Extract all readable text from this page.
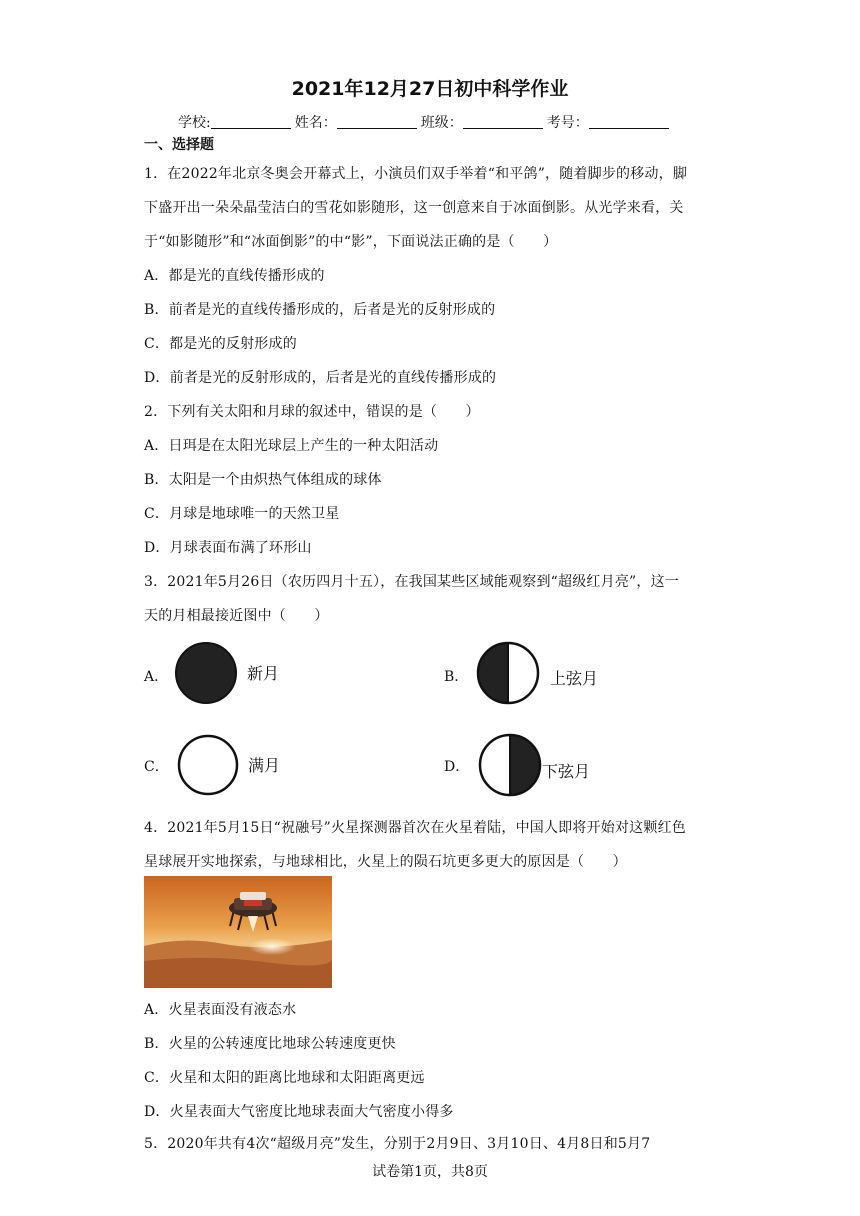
2021年12月27日初中科学作业
学校:	姓名：	班级：	考号：
一、选择题
1．在2022年北京冬奥会开幕式上，小演员们双手举着“和平鸽”，随着脚步的移动，脚
下盛开出一朵朵晶莹洁白的雪花如影随形，这一创意来自于冰面倒影。从光学来看，关
于“如影随形”和“冰面倒影”的中“影”，下面说法正确的是（　　）
A．都是光的直线传播形成的
B．前者是光的直线传播形成的，后者是光的反射形成的
C．都是光的反射形成的
D．前者是光的反射形成的，后者是光的直线传播形成的
2．下列有关太阳和月球的叙述中，错误的是（　　）
A．日珥是在太阳光球层上产生的一种太阳活动
B．太阳是一个由炽热气体组成的球体
C．月球是地球唯一的天然卫星
D．月球表面布满了环形山
3．2021年5月26日（农历四月十五），在我国某些区域能观察到“超级红月亮”，这一
天的月相最接近图中（　　）
A．	新月	B．	上弦月
C．	满月	D．	下弦月
4．2021年5月15日“祝融号”火星探测器首次在火星着陆，中国人即将开始对这颗红色
星球展开实地探索，与地球相比，火星上的陨石坑更多更大的原因是（　　）
A．火星表面没有液态水
B．火星的公转速度比地球公转速度更快
C．火星和太阳的距离比地球和太阳距离更远
D．火星表面大气密度比地球表面大气密度小得多
5．2020年共有4次“超级月亮”发生，分别于2月9日、3月10日、4月8日和5月7
试卷第1页，共8页
